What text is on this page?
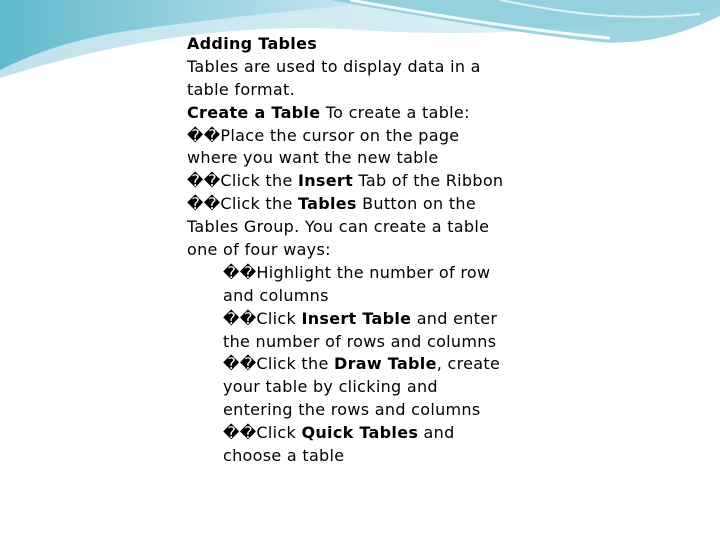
Adding Tables
Tables are used to display data in a
table format.
Create a Table To create a table:
��Place the cursor on the page
where you want the new table
��Click the Insert Tab of the Ribbon
��Click the Tables Button on the
Tables Group. You can create a table
one of four ways:
��Highlight the number of row
and columns
��Click Insert Table and enter
the number of rows and columns
��Click the Draw Table, create
your table by clicking and
entering the rows and columns
��Click Quick Tables and
choose a table
